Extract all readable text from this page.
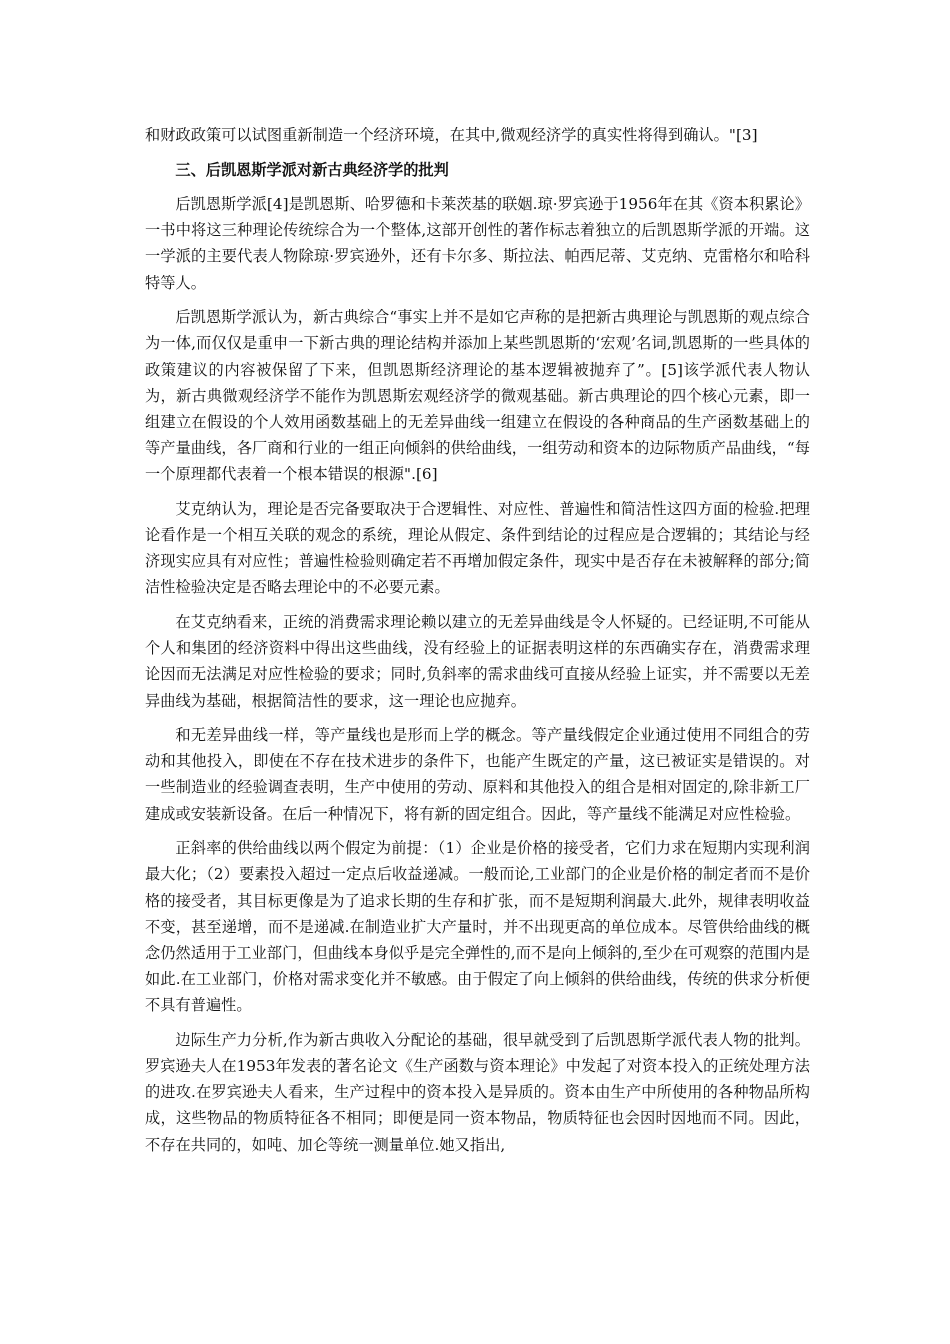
和财政政策可以试图重新制造一个经济环境，在其中,微观经济学的真实性将得到确认。"[3]

三、后凯恩斯学派对新古典经济学的批判

后凯恩斯学派[4]是凯恩斯、哈罗德和卡莱茨基的联姻.琼·罗宾逊于1956年在其《资本积累论》一书中将这三种理论传统综合为一个整体,这部开创性的著作标志着独立的后凯恩斯学派的开端。这一学派的主要代表人物除琼·罗宾逊外，还有卡尔多、斯拉法、帕西尼蒂、艾克纳、克雷格尔和哈科特等人。

后凯恩斯学派认为，新古典综合“事实上并不是如它声称的是把新古典理论与凯恩斯的观点综合为一体,而仅仅是重申一下新古典的理论结构并添加上某些凯恩斯的‘宏观’名词,凯恩斯的一些具体的政策建议的内容被保留了下来，但凯恩斯经济理论的基本逻辑被抛弃了”。[5]该学派代表人物认为，新古典微观经济学不能作为凯恩斯宏观经济学的微观基础。新古典理论的四个核心元素，即一组建立在假设的个人效用函数基础上的无差异曲线一组建立在假设的各种商品的生产函数基础上的等产量曲线，各厂商和行业的一组正向倾斜的供给曲线，一组劳动和资本的边际物质产品曲线，“每一个原理都代表着一个根本错误的根源".[6]

艾克纳认为，理论是否完备要取决于合逻辑性、对应性、普遍性和简洁性这四方面的检验.把理论看作是一个相互关联的观念的系统，理论从假定、条件到结论的过程应是合逻辑的；其结论与经济现实应具有对应性；普遍性检验则确定若不再增加假定条件，现实中是否存在未被解释的部分;简洁性检验决定是否略去理论中的不必要元素。

在艾克纳看来，正统的消费需求理论赖以建立的无差异曲线是令人怀疑的。已经证明,不可能从个人和集团的经济资料中得出这些曲线，没有经验上的证据表明这样的东西确实存在，消费需求理论因而无法满足对应性检验的要求；同时,负斜率的需求曲线可直接从经验上证实，并不需要以无差异曲线为基础，根据简洁性的要求，这一理论也应抛弃。

和无差异曲线一样，等产量线也是形而上学的概念。等产量线假定企业通过使用不同组合的劳动和其他投入，即使在不存在技术进步的条件下，也能产生既定的产量，这已被证实是错误的。对一些制造业的经验调查表明，生产中使用的劳动、原料和其他投入的组合是相对固定的,除非新工厂建成或安装新设备。在后一种情况下，将有新的固定组合。因此，等产量线不能满足对应性检验。

正斜率的供给曲线以两个假定为前提：（1）企业是价格的接受者，它们力求在短期内实现利润最大化；（2）要素投入超过一定点后收益递减。一般而论,工业部门的企业是价格的制定者而不是价格的接受者，其目标更像是为了追求长期的生存和扩张，而不是短期利润最大.此外，规律表明收益不变，甚至递增，而不是递减.在制造业扩大产量时，并不出现更高的单位成本。尽管供给曲线的概念仍然适用于工业部门，但曲线本身似乎是完全弹性的,而不是向上倾斜的,至少在可观察的范围内是如此.在工业部门，价格对需求变化并不敏感。由于假定了向上倾斜的供给曲线，传统的供求分析便不具有普遍性。

边际生产力分析,作为新古典收入分配论的基础，很早就受到了后凯恩斯学派代表人物的批判。罗宾逊夫人在1953年发表的著名论文《生产函数与资本理论》中发起了对资本投入的正统处理方法的进攻.在罗宾逊夫人看来，生产过程中的资本投入是异质的。资本由生产中所使用的各种物品所构成，这些物品的物质特征各不相同；即便是同一资本物品，物质特征也会因时因地而不同。因此，不存在共同的，如吨、加仑等统一测量单位.她又指出,
